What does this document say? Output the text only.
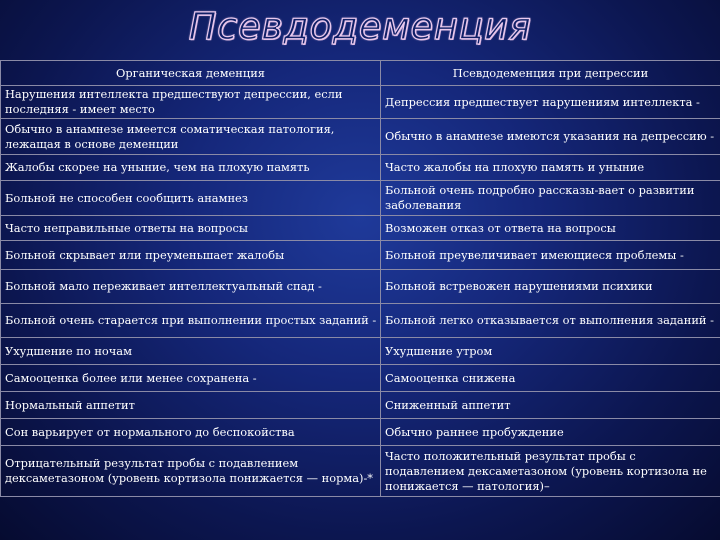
Псевдодеменция
Органическая деменция	Псевдодеменция при депрессии
Нарушения интеллекта предшествуют депрессии, если последняя - имеет место	Депрессия предшествует нарушениям интеллекта -
Обычно в анамнезе имеется соматическая патология, лежащая в основе деменции	Обычно в анамнезе имеются указания на депрессию -
Жалобы скорее на уныние, чем на плохую память	Часто жалобы на плохую память и уныние
Больной не способен сообщить анамнез	Больной очень подробно рассказы-вает о развитии заболевания
Часто неправильные ответы на вопросы	Возможен отказ от ответа на вопросы
Больной скрывает или преуменьшает жалобы	Больной преувеличивает имеющиеся проблемы -
Больной мало переживает интеллектуальный спад -	Больной встревожен нарушениями психики
Больной очень старается при выполнении простых заданий -	Больной легко отказывается от выполнения заданий -
Ухудшение по ночам	Ухудшение утром
Самооценка более или менее сохранена -	Самооценка снижена
Нормальный аппетит	Сниженный аппетит
Сон варьирует от нормального до беспокойства	Обычно раннее пробуждение
Отрицательный результат пробы с подавлением дексаметазоном (уровень кортизола понижается — норма)-*	Часто положительный результат пробы с подавлением дексаметазоном (уровень кортизола не понижается — патология)–
